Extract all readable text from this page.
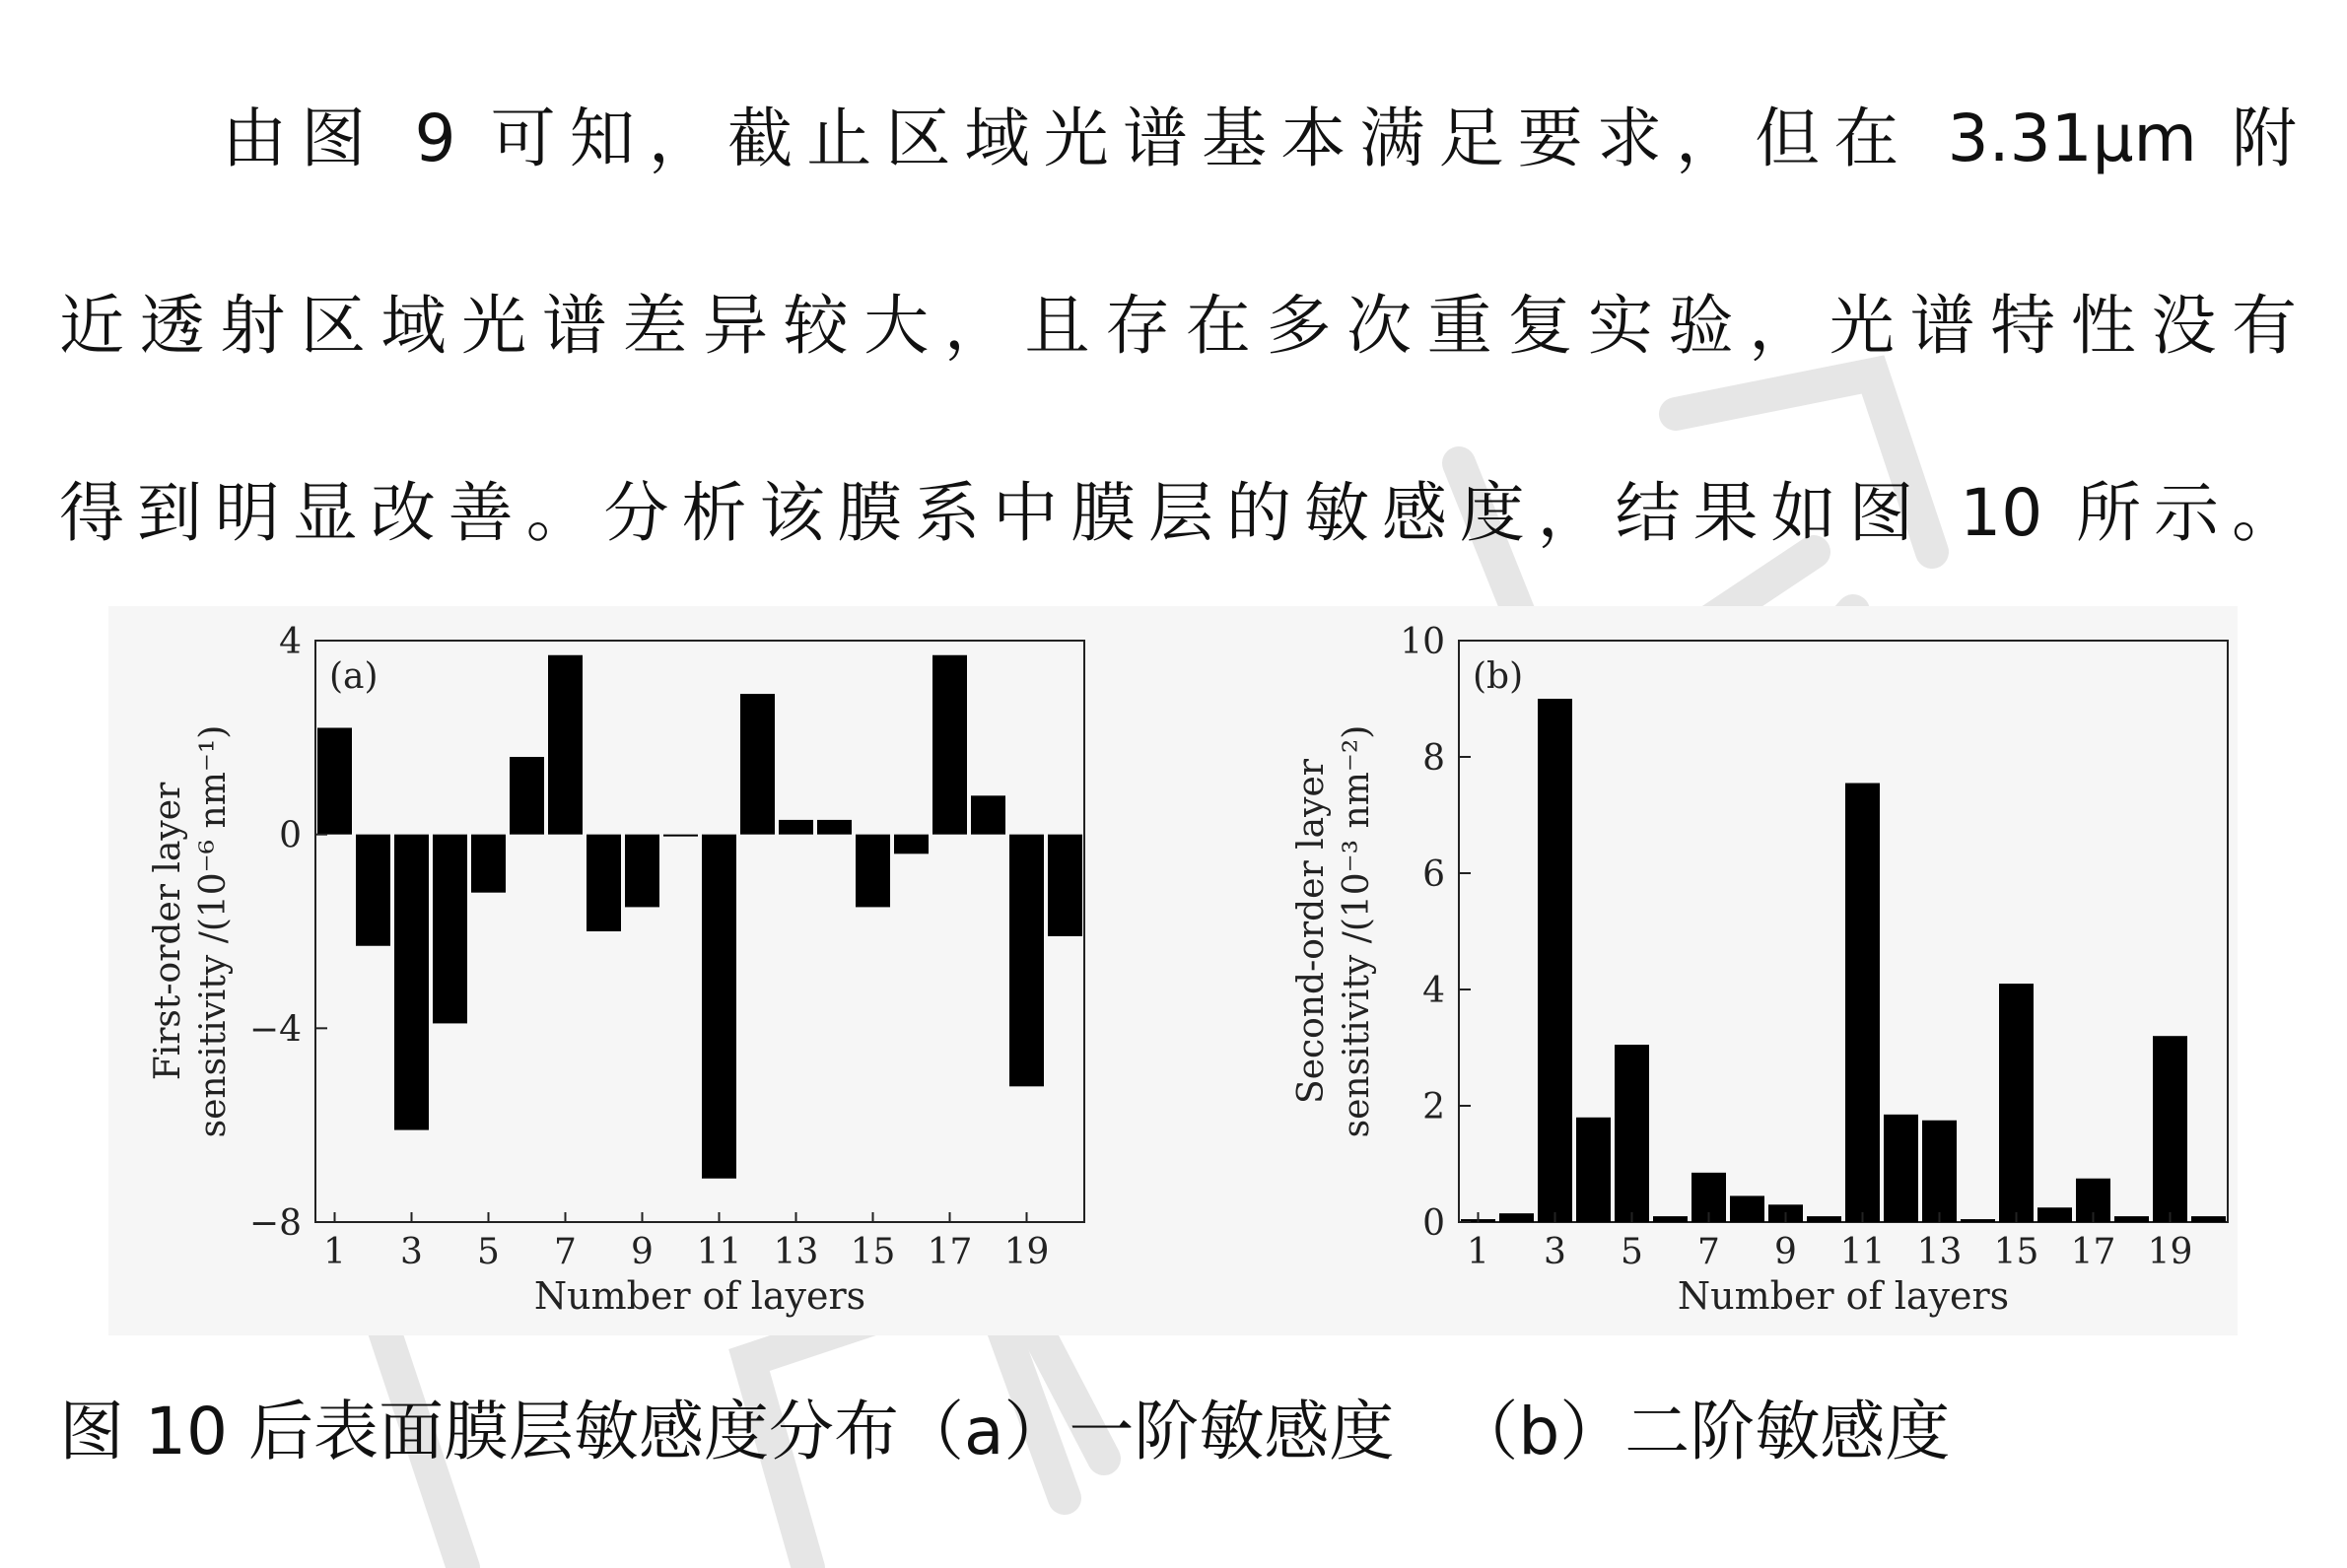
由图 9 可知，截止区域光谱基本满足要求，但在 3.31μm 附
近透射区域光谱差异较大，且存在多次重复实验，光谱特性没有
得到明显改善。分析该膜系中膜层的敏感度，结果如图 10 所示。
4
0
−4
−8
1 3 5 7 9 11 13 15 17 19
(a)
Number of layers
First-order layer sensitivity /(10⁻⁶ nm⁻¹)
10
8
6
4
2
0
1 3 5 7 9 11 13 15 17 19
(b)
Number of layers
Second-order layer sensitivity /(10⁻³ nm⁻²)
图 10 后表面膜层敏感度分布（a）一阶敏感度 （b）二阶敏感度
